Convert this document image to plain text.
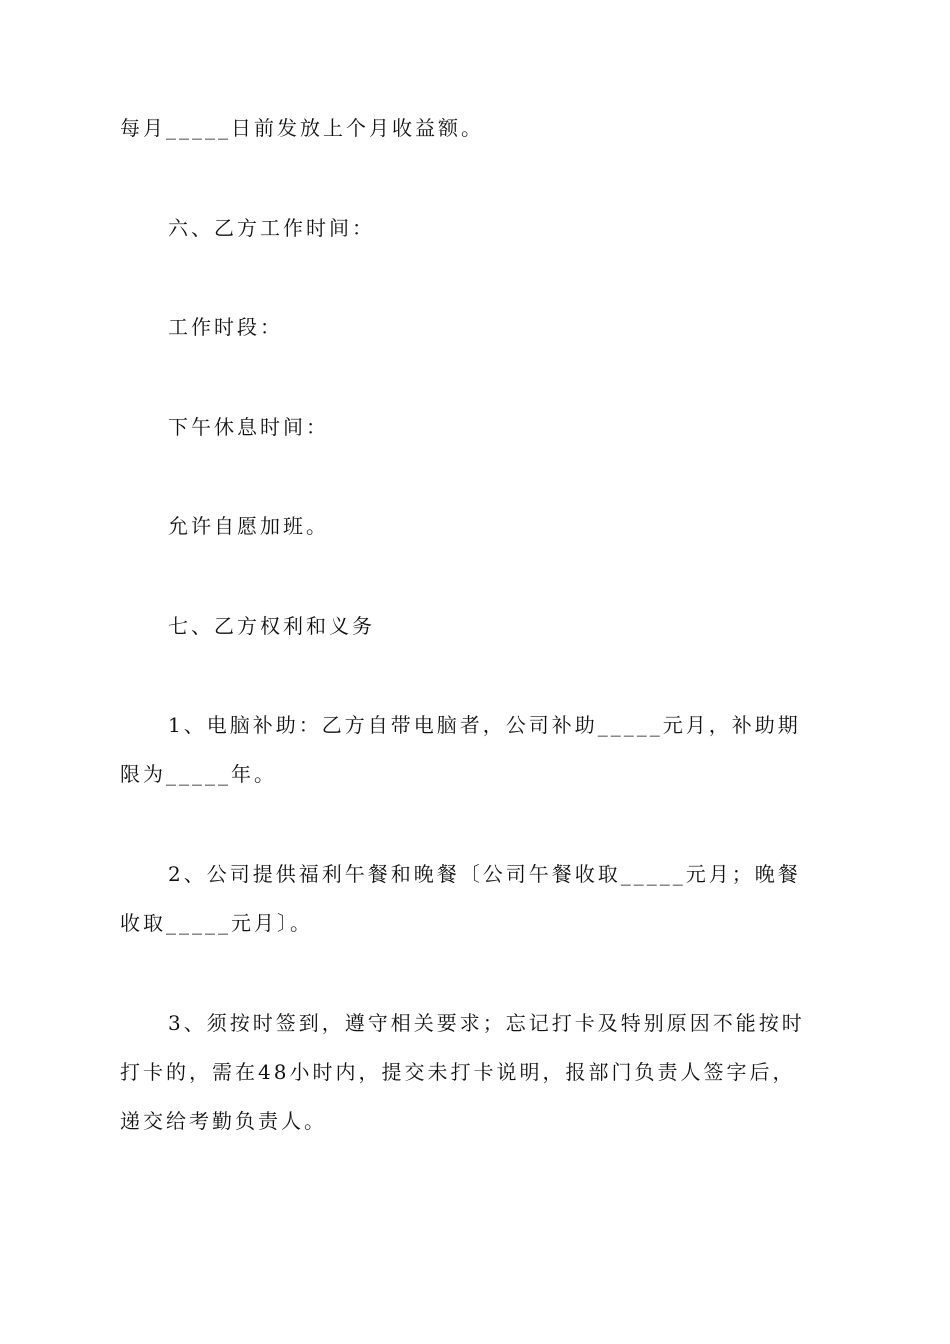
每月_____日前发放上个月收益额。

六、乙方工作时间：

工作时段：

下午休息时间：

允许自愿加班。

七、乙方权利和义务

1、电脑补助：乙方自带电脑者，公司补助_____元月，补助期

限为_____年。

2、公司提供福利午餐和晚餐〔公司午餐收取_____元月；晚餐

收取_____元月〕。

3、须按时签到，遵守相关要求；忘记打卡及特别原因不能按时

打卡的，需在48小时内，提交未打卡说明，报部门负责人签字后，

递交给考勤负责人。
